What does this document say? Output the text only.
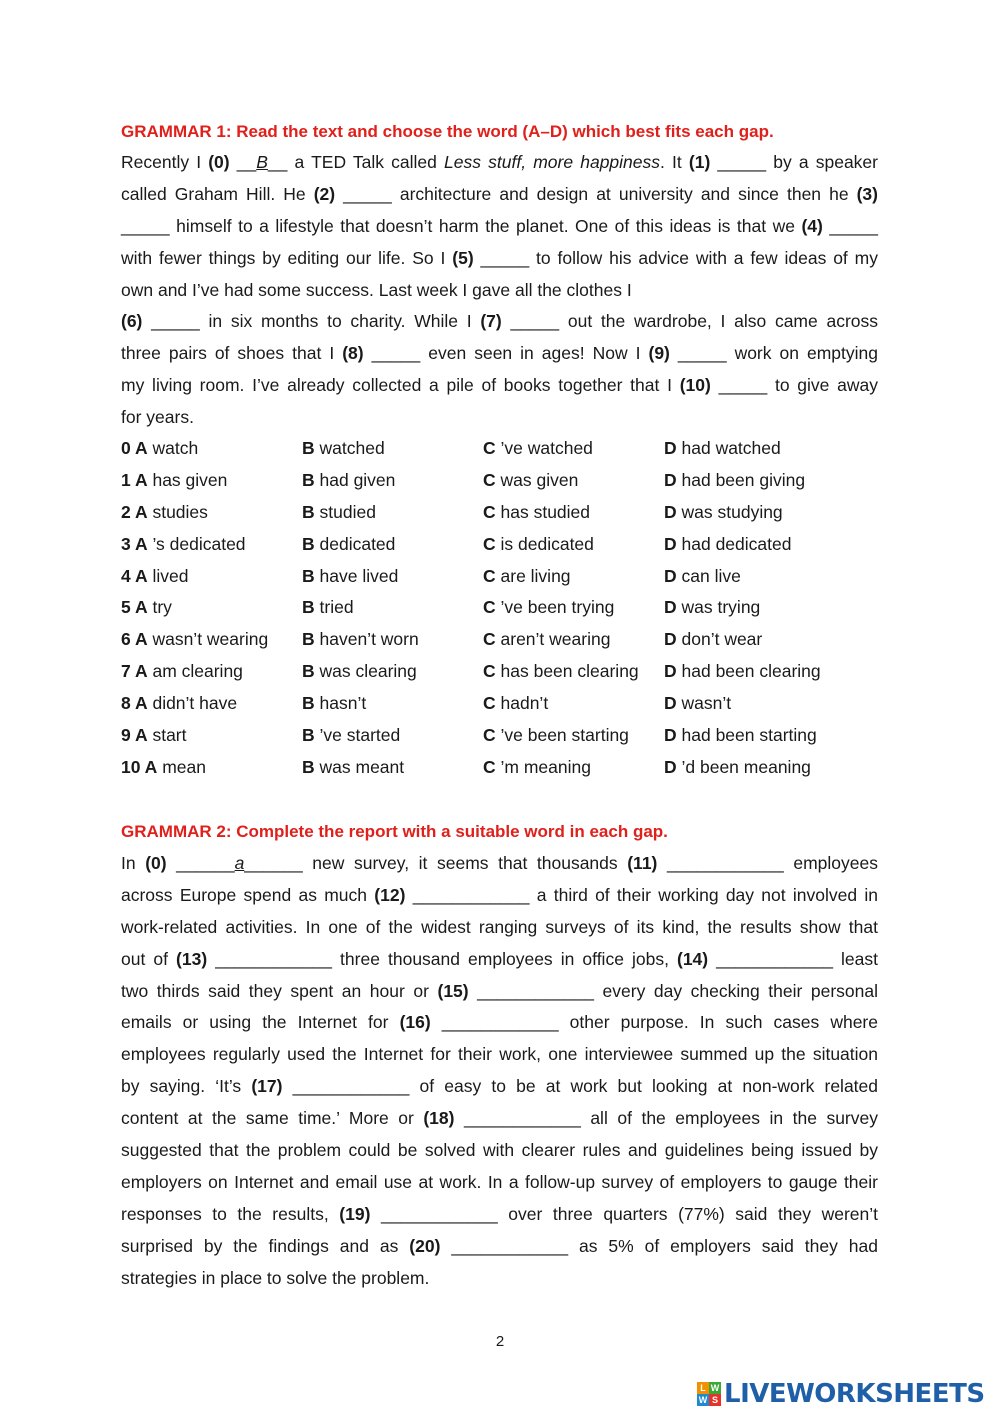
GRAMMAR 1: Read the text and choose the word (A–D) which best fits each gap.
Recently I (0) __B__ a TED Talk called Less stuff, more happiness. It (1) _____ by a speaker
called Graham Hill. He (2) _____ architecture and design at university and since then he (3)
_____ himself to a lifestyle that doesn’t harm the planet. One of this ideas is that we (4) _____
with fewer things by editing our life. So I (5) _____ to follow his advice with a few ideas of my
own and I’ve had some success. Last week I gave all the clothes I
(6) _____ in six months to charity. While I (7) _____ out the wardrobe, I also came across
three pairs of shoes that I (8) _____ even seen in ages! Now I (9) _____ work on emptying
my living room. I’ve already collected a pile of books together that I (10) _____ to give away
for years.
0 A watch	B watched	C ’ve watched	D had watched
1 A has given	B had given	C was given	D had been giving
2 A studies	B studied	C has studied	D was studying
3 A ’s dedicated	B dedicated	C is dedicated	D had dedicated
4 A lived	B have lived	C are living	D can live
5 A try	B tried	C ’ve been trying	D was trying
6 A wasn’t wearing B haven’t worn	C aren’t wearing	D don’t wear
7 A am clearing	B was clearing	C has been clearing D had been clearing
8 A didn’t have	B hasn’t	C hadn’t	D wasn’t
9 A start	B ’ve started	C ’ve been starting D had been starting
10 A mean	B was meant	C ’m meaning	D ’d been meaning
GRAMMAR 2: Complete the report with a suitable word in each gap.
In (0) ______a______ new survey, it seems that thousands (11) ____________ employees
across Europe spend as much (12) ____________ a third of their working day not involved in
work-related activities. In one of the widest ranging surveys of its kind, the results show that
out of (13) ____________ three thousand employees in office jobs, (14) ____________ least
two thirds said they spent an hour or (15) ____________ every day checking their personal
emails or using the Internet for (16) ____________ other purpose. In such cases where
employees regularly used the Internet for their work, one interviewee summed up the situation
by saying. ‘It’s (17) ____________ of easy to be at work but looking at non-work related
content at the same time.’ More or (18) ____________ all of the employees in the survey
suggested that the problem could be solved with clearer rules and guidelines being issued by
employers on Internet and email use at work. In a follow-up survey of employers to gauge their
responses to the results, (19) ____________ over three quarters (77%) said they weren’t
surprised by the findings and as (20) ____________ as 5% of employers said they had
strategies in place to solve the problem.
2
L W
W S LIVEWORKSHEETS
